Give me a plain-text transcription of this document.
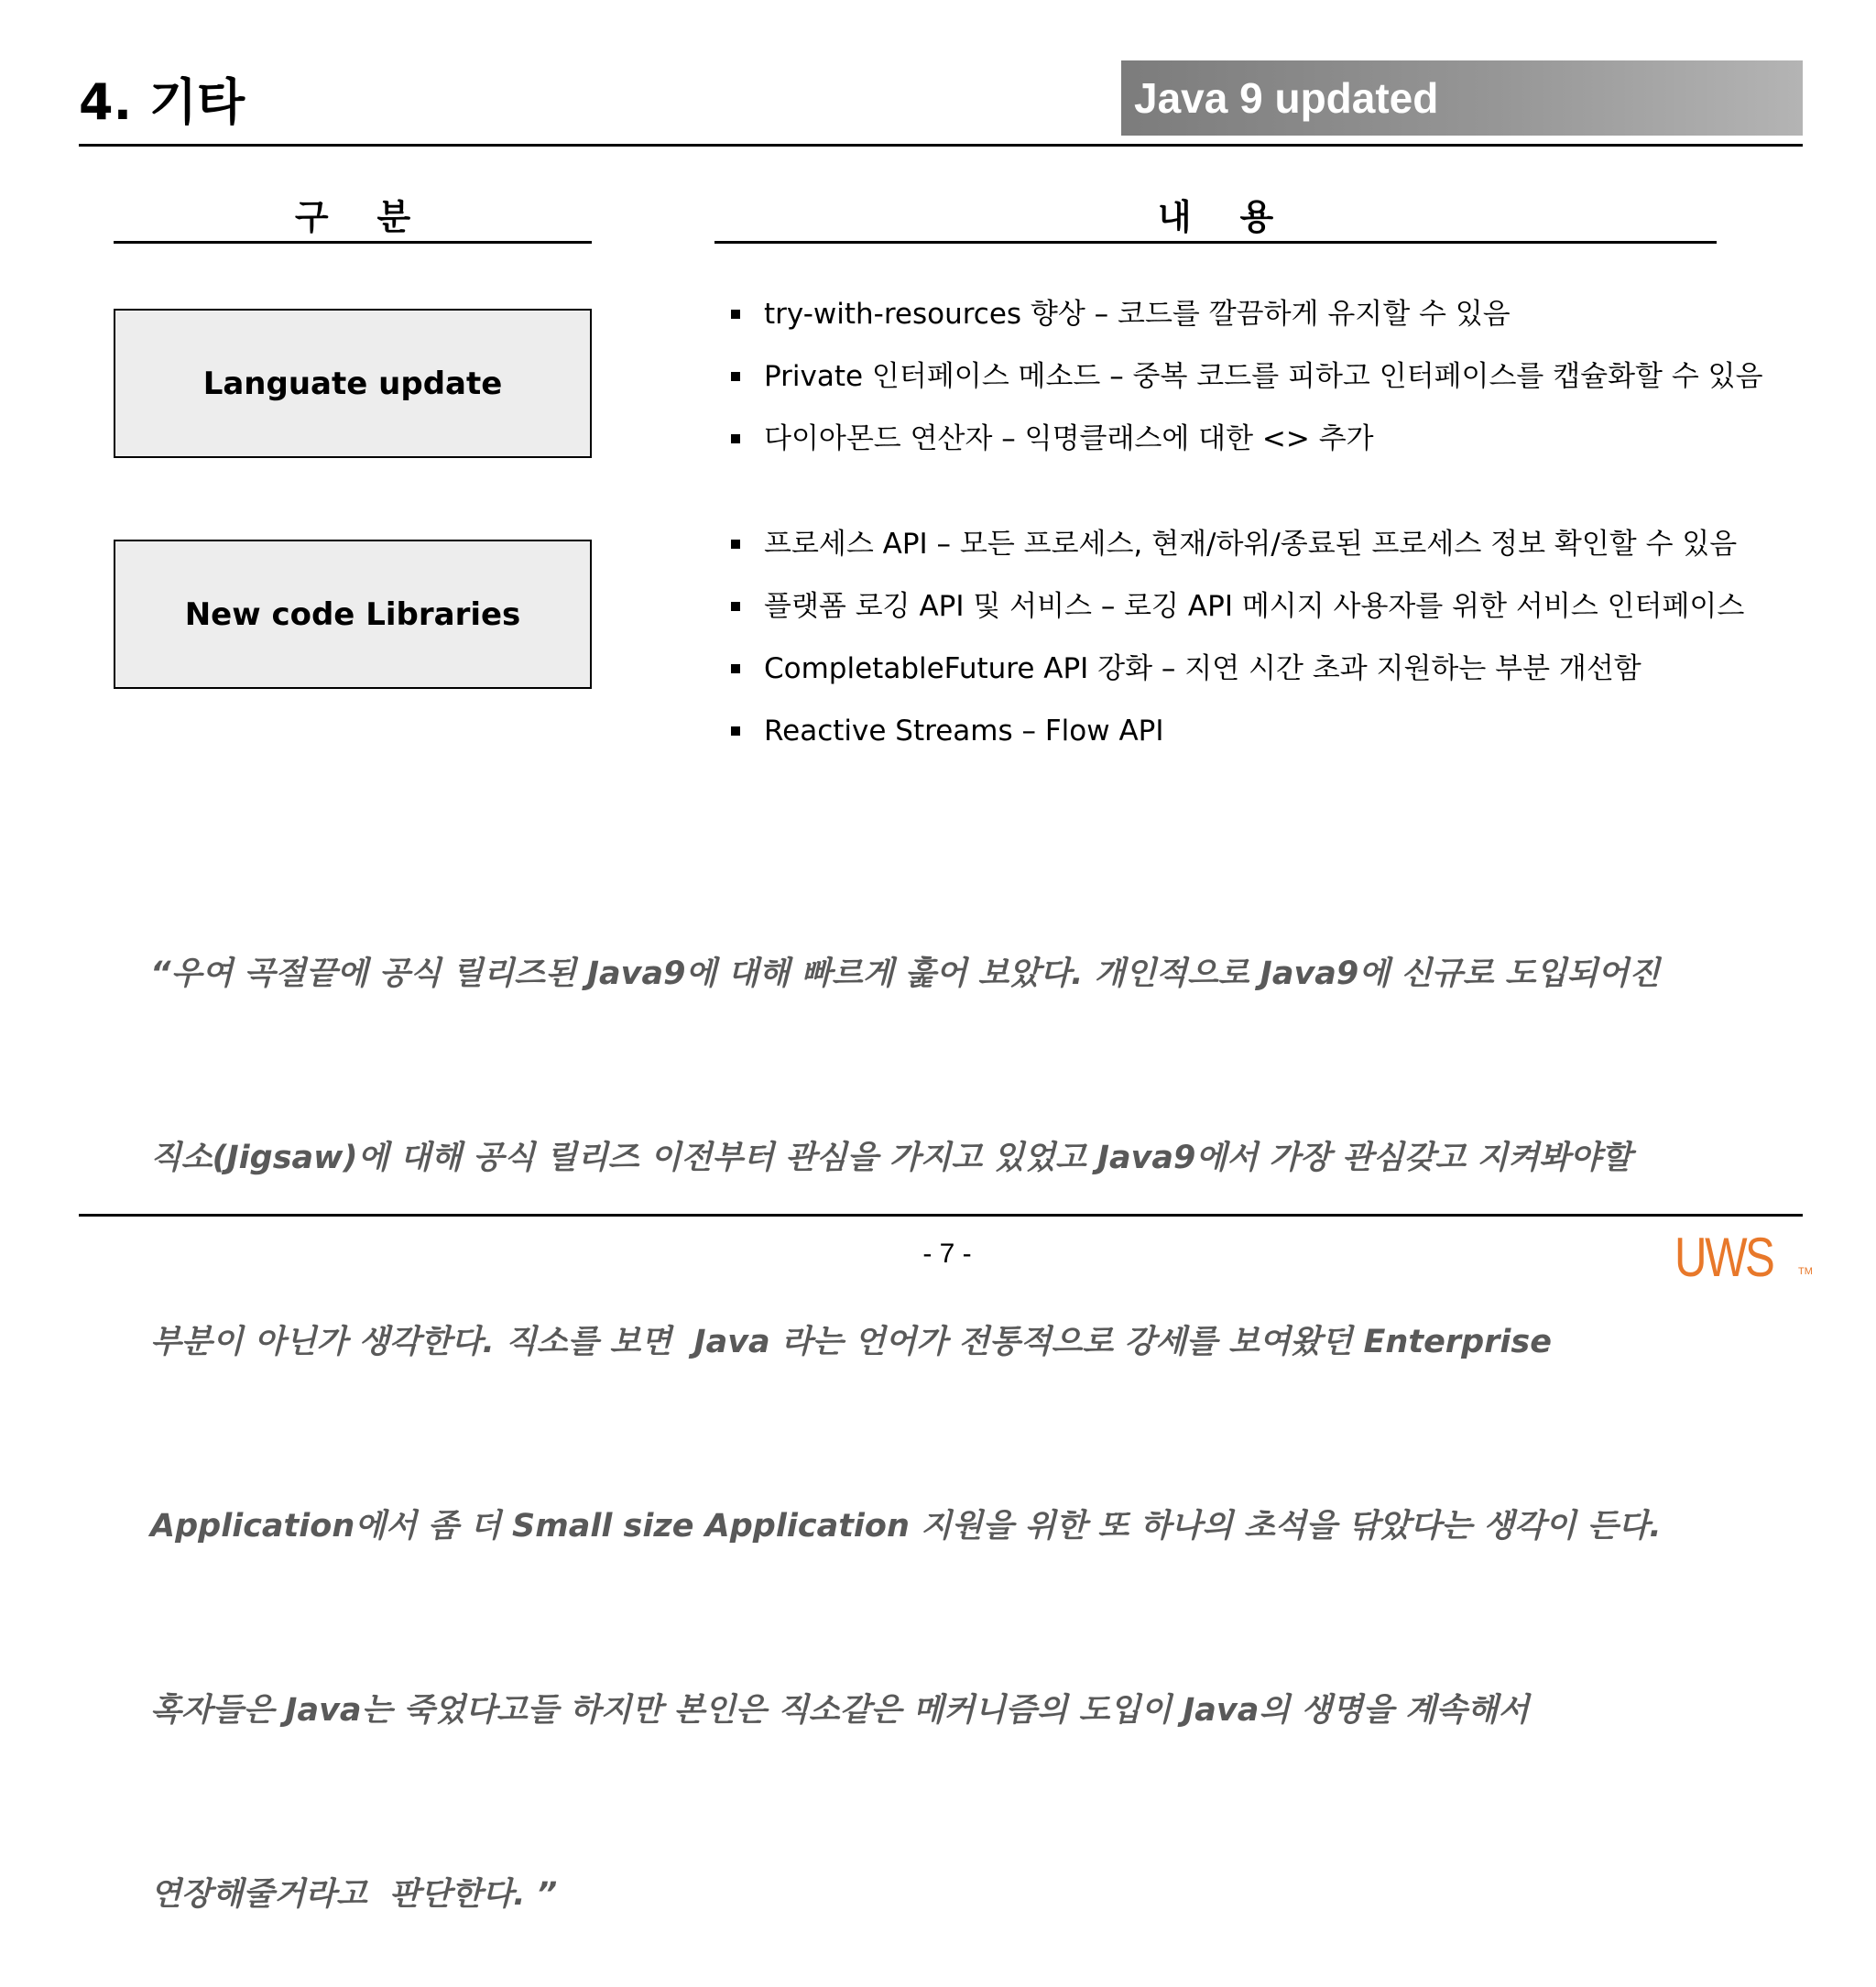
4. 기타	Java 9 updated
구    분	내    용
Languate update
try-with-resources 향상 – 코드를 깔끔하게 유지할 수 있음
Private 인터페이스 메소드 – 중복 코드를 피하고 인터페이스를 캡슐화할 수 있음
다이아몬드 연산자 – 익명클래스에 대한 <> 추가
New code Libraries
프로세스 API – 모든 프로세스, 현재/하위/종료된 프로세스 정보 확인할 수 있음
플랫폼 로깅 API 및 서비스 – 로깅 API 메시지 사용자를 위한 서비스 인터페이스
CompletableFuture API 강화 – 지연 시간 초과 지원하는 부분 개선함
Reactive Streams – Flow API

“우여 곡절끝에 공식 릴리즈된 Java9에 대해 빠르게 훑어 보았다. 개인적으로 Java9에 신규로 도입되어진

직소(Jigsaw)에 대해 공식 릴리즈 이전부터 관심을 가지고 있었고 Java9에서 가장 관심갖고 지켜봐야할

부분이 아닌가 생각한다. 직소를 보면  Java 라는 언어가 전통적으로 강세를 보여왔던 Enterprise

Application에서 좀 더 Small size Application 지원을 위한 또 하나의 초석을 닦았다는 생각이 든다.

혹자들은 Java는 죽었다고들 하지만 본인은 직소같은 메커니즘의 도입이 Java의 생명을 계속해서

연장해줄거라고  판단한다. ”

- 7 -	UWS	TM
